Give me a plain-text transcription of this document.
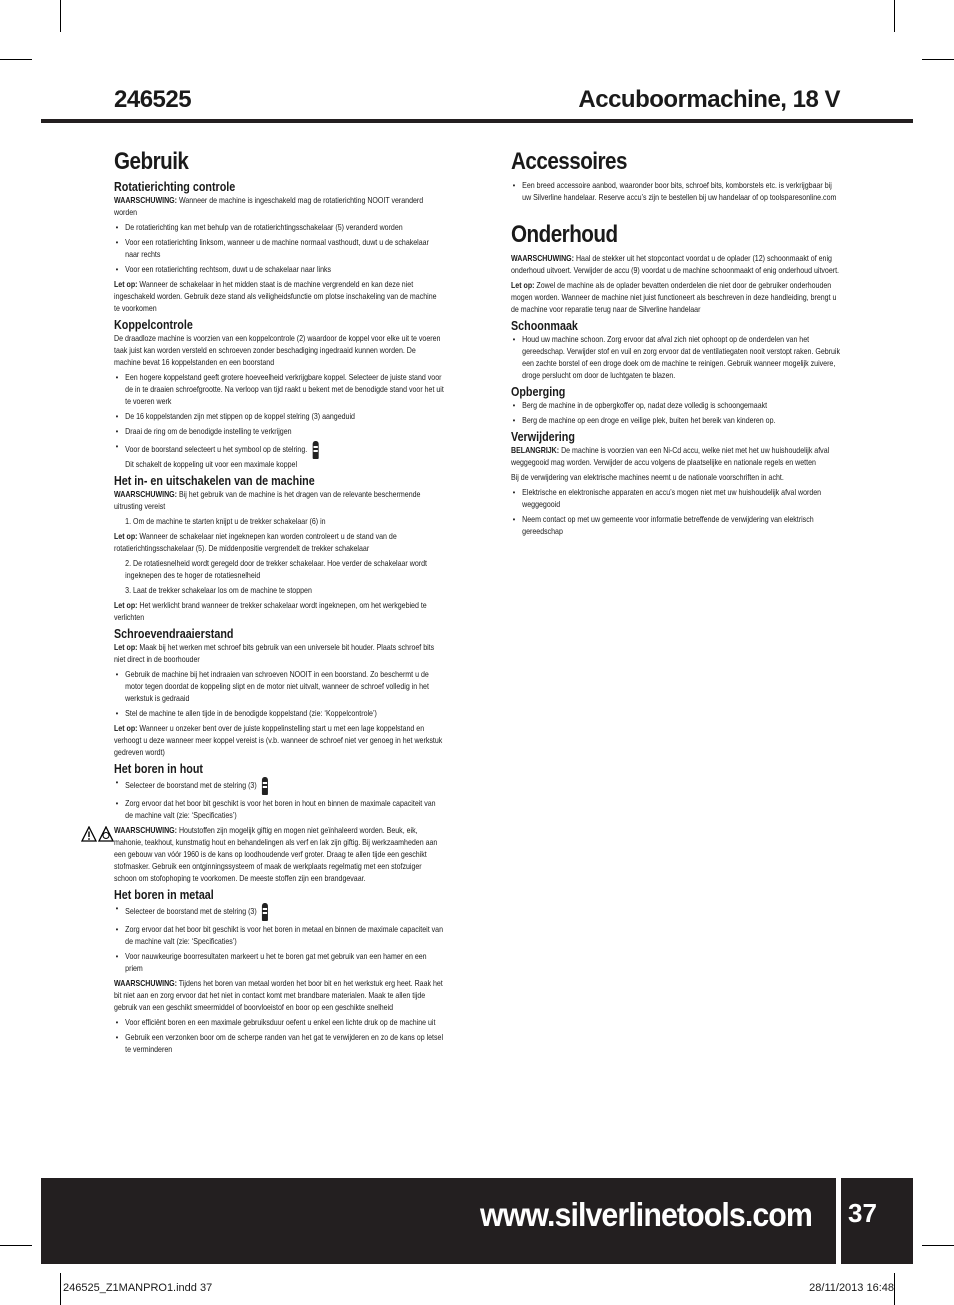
246525	Accuboormachine, 18 V
Gebruik
Rotatierichting controle

WAARSCHUWING: Wanneer de machine is ingeschakeld mag de rotatierichting NOOIT veranderd worden

• De rotatierichting kan met behulp van de rotatierichtingsschakelaar (5) veranderd worden
• Voor een rotatierichting linksom, wanneer u de machine normaal vasthoudt, duwt u de schakelaar naar rechts
• Voor een rotatierichting rechtsom, duwt u de schakelaar naar links

Let op: Wanneer de schakelaar in het midden staat is de machine vergrendeld en kan deze niet ingeschakeld worden. Gebruik deze stand als veiligheidsfunctie om plotse inschakeling van de machine te voorkomen

Koppelcontrole

De draadloze machine is voorzien van een koppelcontrole (2) waardoor de koppel voor elke uit te voeren taak juist kan worden versteld en schroeven zonder beschadiging ingedraaid kunnen worden. De machine bevat 16 koppelstanden en een boorstand

• Een hogere koppelstand geeft grotere hoeveelheid verkrijgbare koppel. Selecteer de juiste stand voor de in te draaien schroefgrootte. Na verloop van tijd raakt u bekent met de benodigde stand voor het uit te voeren werk
• De 16 koppelstanden zijn met stippen op de koppel stelring (3) aangeduid
• Draai de ring om de benodigde instelling te verkrijgen
• Voor de boorstand selecteert u het symbool op de stelring.
Dit schakelt de koppeling uit voor een maximale koppel
Het in- en uitschakelen van de machine

WAARSCHUWING: Bij het gebruik van de machine is het dragen van de relevante beschermende uitrusting vereist

1. Om de machine te starten knijpt u de trekker schakelaar (6) in

Let op: Wanneer de schakelaar niet ingeknepen kan worden controleert u de stand van de rotatierichtingsschakelaar (5). De middenpositie vergrendelt de trekker schakelaar

2. De rotatiesnelheid wordt geregeld door de trekker schakelaar. Hoe verder de schakelaar wordt ingeknepen des te hoger de rotatiesnelheid
3. Laat de trekker schakelaar los om de machine te stoppen

Let op: Het werklicht brand wanneer de trekker schakelaar wordt ingeknepen, om het werkgebied te verlichten

Schroevendraaierstand

Let op: Maak bij het werken met schroef bits gebruik van een universele bit houder. Plaats schroef bits niet direct in de boorhouder

• Gebruik de machine bij het indraaien van schroeven NOOIT in een boorstand. Zo beschermt u de motor tegen doordat de koppeling slipt en de motor niet uitvalt, wanneer de schroef volledig in het werkstuk is gedraaid
• Stel de machine te allen tijde in de benodigde koppelstand (zie: ‘Koppelcontrole’)

Let op: Wanneer u onzeker bent over de juiste koppelinstelling start u met een lage koppelstand en verhoogt u deze wanneer meer koppel vereist is (v.b. wanneer de schroef niet ver genoeg in het werkstuk gedreven wordt)

Het boren in hout
• Selecteer de boorstand met de stelring (3)
• Zorg ervoor dat het boor bit geschikt is voor het boren in hout en binnen de maximale capaciteit van de machine valt (zie: ‘Specificaties’)

WAARSCHUWING: Houtstoffen zijn mogelijk giftig en mogen niet geïnhaleerd worden. Beuk, eik, mahonie, teakhout, kunstmatig hout en behandelingen als verf en lak zijn giftig. Bij werkzaamheden aan een gebouw van vóór 1960 is de kans op loodhoudende verf groter. Draag te allen tijde een geschikt stofmasker. Gebruik een ontginningssysteem of maak de werkplaats regelmatig met een stofzuiger schoon om stofophoping te voorkomen. De meeste stoffen zijn een brandgevaar.

Het boren in metaal
• Selecteer de boorstand met de stelring (3)
• Zorg ervoor dat het boor bit geschikt is voor het boren in metaal en binnen de maximale capaciteit van de machine valt (zie: ‘Specificaties’)
• Voor nauwkeurige boorresultaten markeert u het te boren gat met gebruik van een hamer en een priem

WAARSCHUWING: Tijdens het boren van metaal worden het boor bit en het werkstuk erg heet. Raak het bit niet aan en zorg ervoor dat het niet in contact komt met brandbare materialen. Maak te allen tijde gebruik van een geschikt smeermiddel of boorvloeistof en boor op een geschikte snelheid

• Voor efficiënt boren en een maximale gebruiksduur oefent u enkel een lichte druk op de machine uit
• Gebruik een verzonken boor om de scherpe randen van het gat te verwijderen en zo de kans op letsel te verminderen
Accessoires
• Een breed accessoire aanbod, waaronder boor bits, schroef bits, komborstels etc. is verkrijgbaar bij uw Silverline handelaar. Reserve accu’s zijn te bestellen bij uw handelaar of op toolsparesonline.com
Onderhoud

WAARSCHUWING: Haal de stekker uit het stopcontact voordat u de oplader (12) schoonmaakt of enig onderhoud uitvoert. Verwijder de accu (9) voordat u de machine schoonmaakt of enig onderhoud uitvoert.

Let op: Zowel de machine als de oplader bevatten onderdelen die niet door de gebruiker onderhouden mogen worden. Wanneer de machine niet juist functioneert als beschreven in deze handleiding, brengt u de machine voor reparatie terug naar de Silverline handelaar

Schoonmaak
• Houd uw machine schoon. Zorg ervoor dat afval zich niet ophoopt op de onderdelen van het gereedschap. Verwijder stof en vuil en zorg ervoor dat de ventilatiegaten nooit verstopt raken. Gebruik een zachte borstel of een droge doek om de machine te reinigen. Gebruik wanneer mogelijk zuivere, droge perslucht om door de luchtgaten te blazen.
Opberging
• Berg de machine in de opbergkoffer op, nadat deze volledig is schoongemaakt
• Berg de machine op een droge en veilige plek, buiten het bereik van kinderen op.
Verwijdering

BELANGRIJK: De machine is voorzien van een Ni-Cd accu, welke niet met het uw huishoudelijk afval weggegooid mag worden. Verwijder de accu volgens de plaatselijke en nationale regels en wetten

Bij de verwijdering van elektrische machines neemt u de nationale voorschriften in acht.

• Elektrische en elektronische apparaten en accu’s mogen niet met uw huishoudelijk afval worden weggegooid
• Neem contact op met uw gemeente voor informatie betreffende de verwijdering van elektrisch gereedschap
www.silverlinetools.com 37
246525_Z1MANPRO1.indd 37	28/11/2013 16:48
